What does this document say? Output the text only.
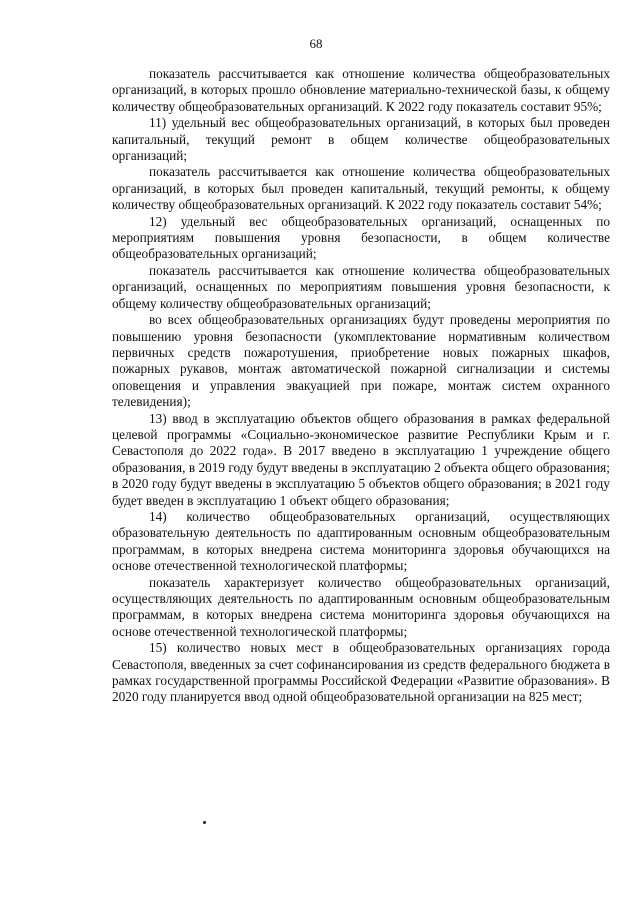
68

показатель рассчитывается как отношение количества общеобразовательных организаций, в которых прошло обновление материально-технической базы, к общему количеству общеобразовательных организаций. К 2022 году показатель составит 95%;

11) удельный вес общеобразовательных организаций, в которых был проведен капитальный, текущий ремонт в общем количестве общеобразовательных организаций;

показатель рассчитывается как отношение количества общеобразовательных организаций, в которых был проведен капитальный, текущий ремонты, к общему количеству общеобразовательных организаций. К 2022 году показатель составит 54%;

12) удельный вес общеобразовательных организаций, оснащенных по мероприятиям повышения уровня безопасности, в общем количестве общеобразовательных организаций;

показатель рассчитывается как отношение количества общеобразовательных организаций, оснащенных по мероприятиям повышения уровня безопасности, к общему количеству общеобразовательных организаций;

во всех общеобразовательных организациях будут проведены мероприятия по повышению уровня безопасности (укомплектование нормативным количеством первичных средств пожаротушения, приобретение новых пожарных шкафов, пожарных рукавов, монтаж автоматической пожарной сигнализации и системы оповещения и управления эвакуацией при пожаре, монтаж систем охранного телевидения);

13) ввод в эксплуатацию объектов общего образования в рамках федеральной целевой программы «Социально-экономическое развитие Республики Крым и г. Севастополя до 2022 года». В 2017 введено в эксплуатацию 1 учреждение общего образования, в 2019 году будут введены в эксплуатацию 2 объекта общего образования; в 2020 году будут введены в эксплуатацию 5 объектов общего образования; в 2021 году будет введен в эксплуатацию 1 объект общего образования;

14) количество общеобразовательных организаций, осуществляющих образовательную деятельность по адаптированным основным общеобразовательным программам, в которых внедрена система мониторинга здоровья обучающихся на основе отечественной технологической платформы;

показатель характеризует количество общеобразовательных организаций, осуществляющих деятельность по адаптированным основным общеобразовательным программам, в которых внедрена система мониторинга здоровья обучающихся на основе отечественной технологической платформы;

15) количество новых мест в общеобразовательных организациях города Севастополя, введенных за счет софинансирования из средств федерального бюджета в рамках государственной программы Российской Федерации «Развитие образования». В 2020 году планируется ввод одной общеобразовательной организации на 825 мест;
